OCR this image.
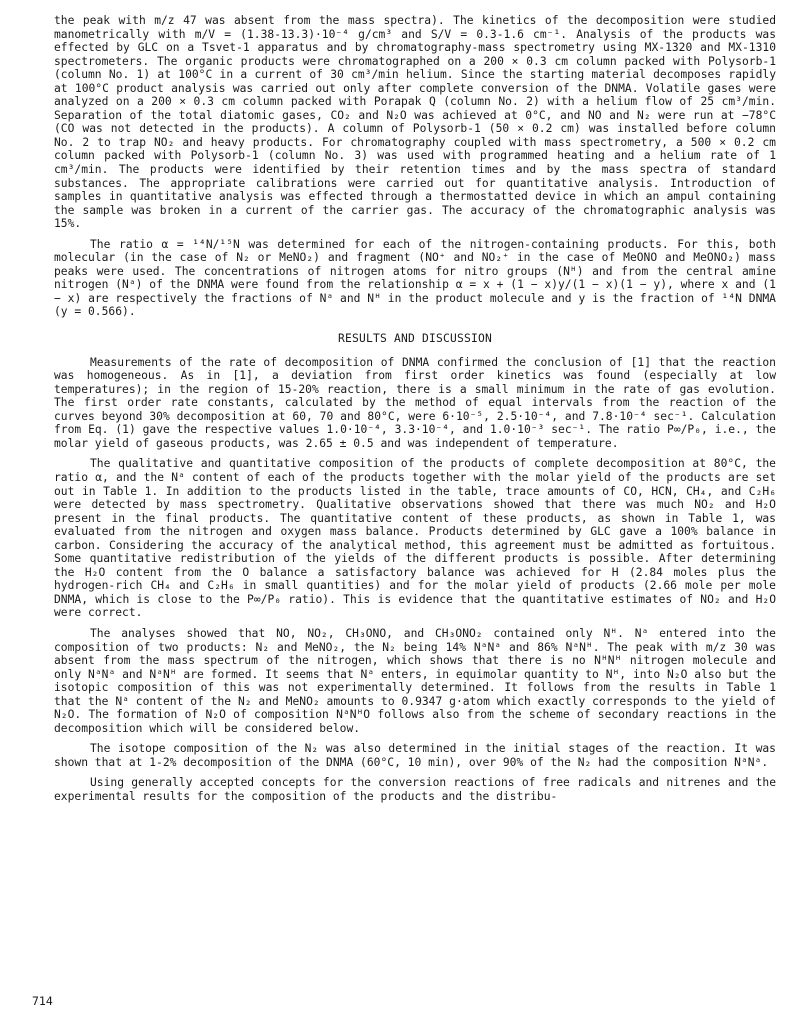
the peak with m/z 47 was absent from the mass spectra). The kinetics of the decomposition were studied manometrically with m/V = (1.38-13.3)·10⁻⁴ g/cm³ and S/V = 0.3-1.6 cm⁻¹. Analysis of the products was effected by GLC on a Tsvet-1 apparatus and by chromatography-mass spectrometry using MX-1320 and MX-1310 spectrometers. The organic products were chromatographed on a 200 × 0.3 cm column packed with Polysorb-1 (column No. 1) at 100°C in a current of 30 cm³/min helium. Since the starting material decomposes rapidly at 100°C product analysis was carried out only after complete conversion of the DNMA. Volatile gases were analyzed on a 200 × 0.3 cm column packed with Porapak Q (column No. 2) with a helium flow of 25 cm³/min. Separation of the total diatomic gases, CO₂ and N₂O was achieved at 0°C, and NO and N₂ were run at −78°C (CO was not detected in the products). A column of Polysorb-1 (50 × 0.2 cm) was installed before column No. 2 to trap NO₂ and heavy products. For chromatography coupled with mass spectrometry, a 500 × 0.2 cm column packed with Polysorb-1 (column No. 3) was used with programmed heating and a helium rate of 1 cm³/min. The products were identified by their retention times and by the mass spectra of standard substances. The appropriate calibrations were carried out for quantitative analysis. Introduction of samples in quantitative analysis was effected through a thermostatted device in which an ampul containing the sample was broken in a current of the carrier gas. The accuracy of the chromatographic analysis was 15%.

The ratio α = ¹⁴N/¹⁵N was determined for each of the nitrogen-containing products. For this, both molecular (in the case of N₂ or MeNO₂) and fragment (NO⁺ and NO₂⁺ in the case of MeONO and MeONO₂) mass peaks were used. The concentrations of nitrogen atoms for nitro groups (Nᴴ) and from the central amine nitrogen (Nᵃ) of the DNMA were found from the relationship α = x + (1 − x)y/(1 − x)(1 − y), where x and (1 − x) are respectively the fractions of Nᵃ and Nᴴ in the product molecule and y is the fraction of ¹⁴N DNMA (y = 0.566).

RESULTS AND DISCUSSION

Measurements of the rate of decomposition of DNMA confirmed the conclusion of [1] that the reaction was homogeneous. As in [1], a deviation from first order kinetics was found (especially at low temperatures); in the region of 15-20% reaction, there is a small minimum in the rate of gas evolution. The first order rate constants, calculated by the method of equal intervals from the reaction of the curves beyond 30% decomposition at 60, 70 and 80°C, were 6·10⁻⁵, 2.5·10⁻⁴, and 7.8·10⁻⁴ sec⁻¹. Calculation from Eq. (1) gave the respective values 1.0·10⁻⁴, 3.3·10⁻⁴, and 1.0·10⁻³ sec⁻¹. The ratio P∞/P₀, i.e., the molar yield of gaseous products, was 2.65 ± 0.5 and was independent of temperature.

The qualitative and quantitative composition of the products of complete decomposition at 80°C, the ratio α, and the Nᵃ content of each of the products together with the molar yield of the products are set out in Table 1. In addition to the products listed in the table, trace amounts of CO, HCN, CH₄, and C₂H₆ were detected by mass spectrometry. Qualitative observations showed that there was much NO₂ and H₂O present in the final products. The quantitative content of these products, as shown in Table 1, was evaluated from the nitrogen and oxygen mass balance. Products determined by GLC gave a 100% balance in carbon. Considering the accuracy of the analytical method, this agreement must be admitted as fortuitous. Some quantitative redistribution of the yields of the different products is possible. After determining the H₂O content from the O balance a satisfactory balance was achieved for H (2.84 moles plus the hydrogen-rich CH₄ and C₂H₆ in small quantities) and for the molar yield of products (2.66 mole per mole DNMA, which is close to the P∞/P₀ ratio). This is evidence that the quantitative estimates of NO₂ and H₂O were correct.

The analyses showed that NO, NO₂, CH₃ONO, and CH₃ONO₂ contained only Nᴴ. Nᵃ entered into the composition of two products: N₂ and MeNO₂, the N₂ being 14% NᵃNᵃ and 86% NᵃNᴴ. The peak with m/z 30 was absent from the mass spectrum of the nitrogen, which shows that there is no NᴴNᴴ nitrogen molecule and only NᵃNᵃ and NᵃNᴴ are formed. It seems that Nᵃ enters, in equimolar quantity to Nᴴ, into N₂O also but the isotopic composition of this was not experimentally determined. It follows from the results in Table 1 that the Nᵃ content of the N₂ and MeNO₂ amounts to 0.9347 g·atom which exactly corresponds to the yield of N₂O. The formation of N₂O of composition NᵃNᴴO follows also from the scheme of secondary reactions in the decomposition which will be considered below.

The isotope composition of the N₂ was also determined in the initial stages of the reaction. It was shown that at 1-2% decomposition of the DNMA (60°C, 10 min), over 90% of the N₂ had the composition NᵃNᵃ.

Using generally accepted concepts for the conversion reactions of free radicals and nitrenes and the experimental results for the composition of the products and the distribu-

714
